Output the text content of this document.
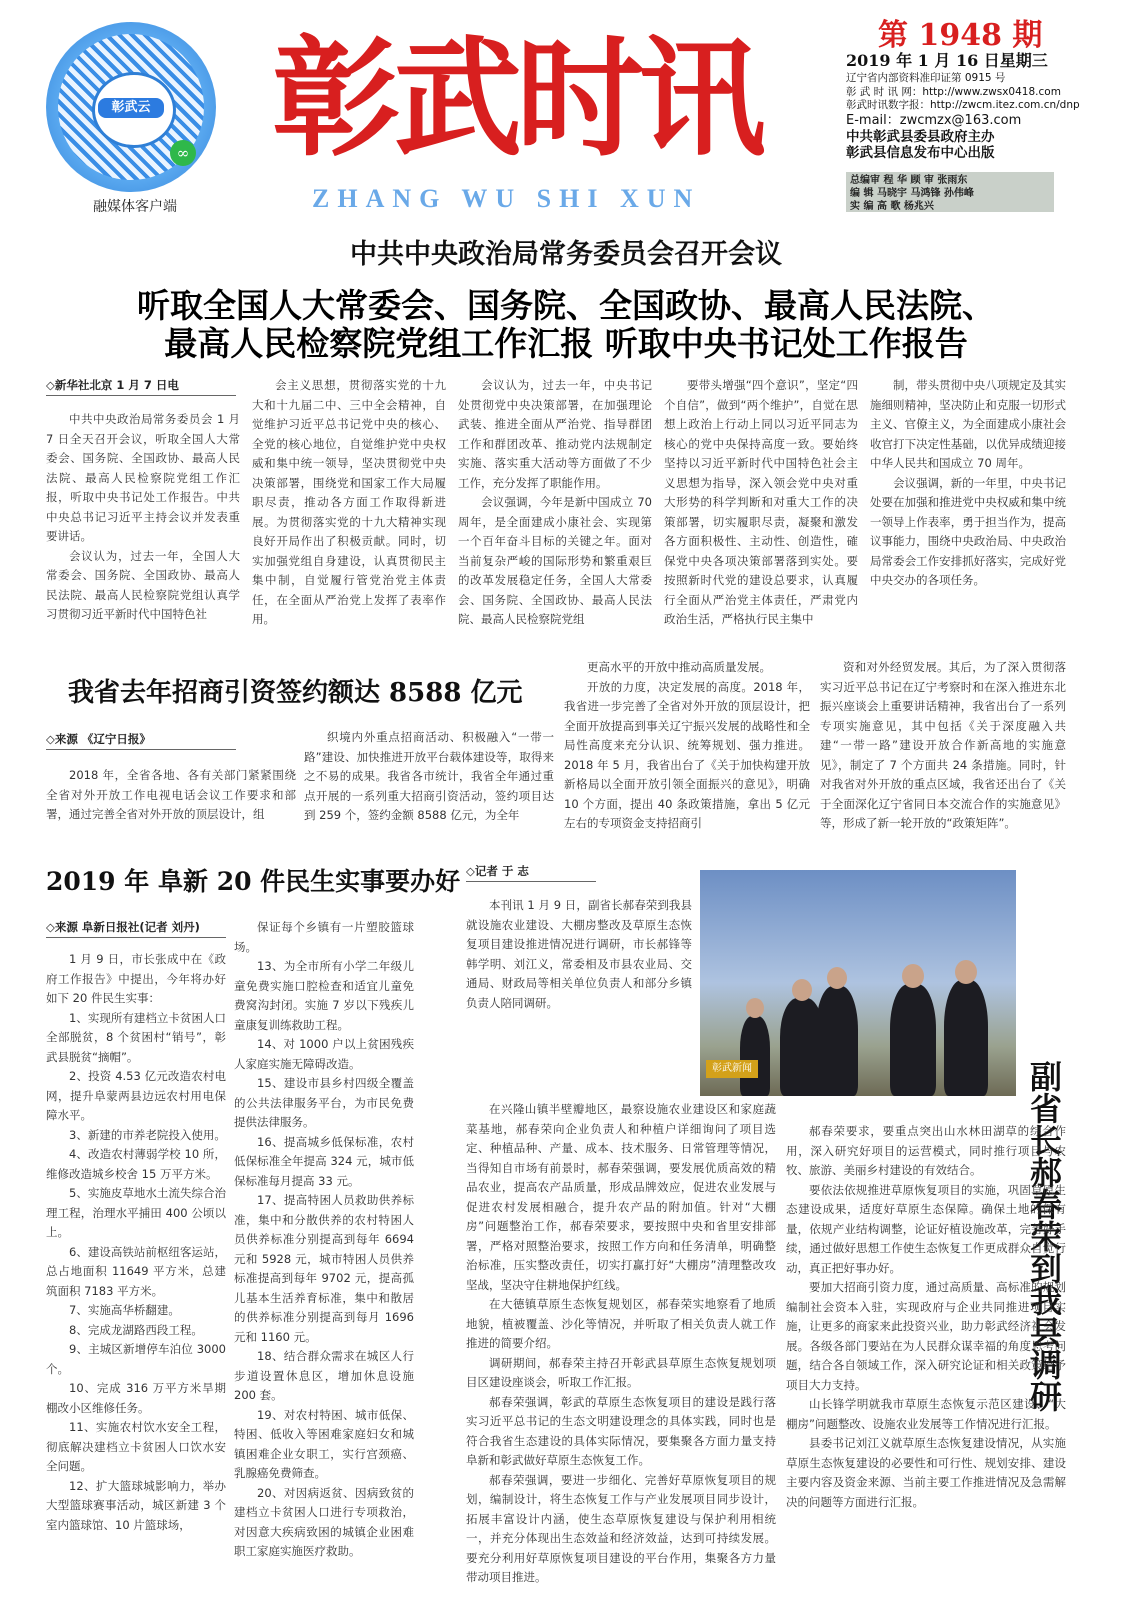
彰武云
∞
融媒体客户端
彰武时讯
ZHANG WU SHI XUN
第 1948 期
2019 年 1 月 16 日星期三
辽宁省内部资料准印证第 0915 号
彰 武 时 讯 网：http://www.zwsx0418.com
彰武时讯数字报：http://zwcm.itez.com.cn/dnp
E-mail：zwcmzx@163.com
中共彰武县委县政府主办
彰武县信息发布中心出版
总编审 程 华 顾 审 张雨东
编 辑 马晓宇 马鸿锋 孙伟峰
实 编 高 歌 杨兆兴
中共中央政治局常务委员会召开会议
听取全国人大常委会、国务院、全国政协、最高人民法院、
最高人民检察院党组工作汇报 听取中央书记处工作报告
◇新华社北京 1 月 7 日电

中共中央政治局常务委员会 1 月 7 日全天召开会议，听取全国人大常委会、国务院、全国政协、最高人民法院、最高人民检察院党组工作汇报，听取中央书记处工作报告。中共中央总书记习近平主持会议并发表重要讲话。

会议认为，过去一年，全国人大常委会、国务院、全国政协、最高人民法院、最高人民检察院党组认真学习贯彻习近平新时代中国特色社

会主义思想，贯彻落实党的十九大和十九届二中、三中全会精神，自觉维护习近平总书记党中央的核心、全党的核心地位，自觉维护党中央权威和集中统一领导，坚决贯彻党中央决策部署，围绕党和国家工作大局履职尽责，推动各方面工作取得新进展。为贯彻落实党的十九大精神实现良好开局作出了积极贡献。同时，切实加强党组自身建设，认真贯彻民主集中制，自觉履行管党治党主体责任，在全面从严治党上发挥了表率作用。

会议认为，过去一年，中央书记处贯彻党中央决策部署，在加强理论武装、推进全面从严治党、指导群团工作和群团改革、推动党内法规制定实施、落实重大活动等方面做了不少工作，充分发挥了职能作用。

会议强调，今年是新中国成立 70 周年，是全面建成小康社会、实现第一个百年奋斗目标的关键之年。面对当前复杂严峻的国际形势和繁重艰巨的改革发展稳定任务，全国人大常委会、国务院、全国政协、最高人民法院、最高人民检察院党组

要带头增强“四个意识”，坚定“四个自信”，做到“两个维护”，自觉在思想上政治上行动上同以习近平同志为核心的党中央保持高度一致。要始终坚持以习近平新时代中国特色社会主义思想为指导，深入领会党中央对重大形势的科学判断和对重大工作的决策部署，切实履职尽责，凝聚和激发各方面积极性、主动性、创造性，確保党中央各项决策部署落到实处。要按照新时代党的建设总要求，认真履行全面从严治党主体责任，严肃党内政治生活，严格执行民主集中

制，带头贯彻中央八项规定及其实施细则精神，坚决防止和克服一切形式主义、官僚主义，为全面建成小康社会收官打下决定性基础，以优异成绩迎接中华人民共和国成立 70 周年。

会议强调，新的一年里，中央书记处要在加强和推进党中央权威和集中统一领导上作表率，勇于担当作为，提高议事能力，围绕中央政治局、中央政治局常委会工作安排抓好落实，完成好党中央交办的各项任务。

我省去年招商引资签约额达 8588 亿元
◇来源 《辽宁日报》

2018 年，全省各地、各有关部门紧紧围绕全省对外开放工作电视电话会议工作要求和部署，通过完善全省对外开放的顶层设计，组

织境内外重点招商活动、积极融入“一带一路”建设、加快推进开放平台载体建设等，取得来之不易的成果。我省各市统计，我省全年通过重点开展的一系列重大招商引资活动，签约项目达到 259 个，签约金额 8588 亿元，为全年

更高水平的开放中推动高质量发展。

开放的力度，决定发展的高度。2018 年，我省进一步完善了全省对外开放的顶层设计，把全面开放提高到事关辽宁振兴发展的战略性和全局性高度来充分认识、统筹规划、强力推进。2018 年 5 月，我省出台了《关于加快构建开放新格局以全面开放引领全面振兴的意见》，明确 10 个方面，提出 40 条政策措施，拿出 5 亿元左右的专项资金支持招商引

资和对外经贸发展。其后，为了深入贯彻落实习近平总书记在辽宁考察时和在深入推进东北振兴座谈会上重要讲话精神，我省出台了一系列专项实施意见，其中包括《关于深度融入共建“一带一路”建设开放合作新高地的实施意见》，制定了 7 个方面共 24 条措施。同时，针对我省对外开放的重点区域，我省还出台了《关于全面深化辽宁省同日本交流合作的实施意见》等，形成了新一轮开放的“政策矩阵”。

2019 年 阜新 20 件民生实事要办好
◇来源 阜新日报社(记者 刘丹)

1 月 9 日，市长张成中在《政府工作报告》中提出，今年将办好如下 20 件民生实事：

1、实现所有建档立卡贫困人口全部脱贫，8 个贫困村“销号”，彰武县脱贫“摘帽”。

2、投资 4.53 亿元改造农村电网，提升阜蒙两县边远农村用电保障水平。

3、新建的市养老院投入使用。

4、改造农村薄弱学校 10 所，维修改造城乡校舍 15 万平方米。

5、实施皮草地水土流失综合治理工程，治理水平捕田 400 公顷以上。

6、建设高铁站前枢纽客运站，总占地面积 11649 平方米，总建筑面积 7183 平方米。

7、实施高华桥翻建。

8、完成龙湖路西段工程。

9、主城区新增停车泊位 3000 个。

10、完成 316 万平方米旱期棚改小区维修任务。

11、实施农村饮水安全工程，彻底解决建档立卡贫困人口饮水安全问题。

12、扩大篮球城影响力，举办大型篮球赛事活动，城区新建 3 个室内篮球馆、10 片篮球场，

保证每个乡镇有一片塑胶篮球场。

13、为全市所有小学二年级儿童免费实施口腔检查和适宜儿童免费窝沟封闭。实施 7 岁以下残疾儿童康复训练救助工程。

14、对 1000 户以上贫困残疾人家庭实施无障碍改造。

15、建设市县乡村四级全覆盖的公共法律服务平台，为市民免费提供法律服务。

16、提高城乡低保标准，农村低保标准全年提高 324 元，城市低保标准每月提高 33 元。

17、提高特困人员救助供养标准，集中和分散供养的农村特困人员供养标准分别提高到每年 6694 元和 5928 元，城市特困人员供养标准提高到每年 9702 元，提高孤儿基本生活养育标准，集中和散居的供养标准分别提高到每月 1696 元和 1160 元。

18、结合群众需求在城区人行步道设置休息区，增加休息设施 200 套。

19、对农村特困、城市低保、特困、低收入等困难家庭妇女和城镇困难企业女职工，实行宫颈癌、乳腺癌免费筛查。

20、对因病返贫、因病致贫的建档立卡贫困人口进行专项救治，对因意大疾病致困的城镇企业困难职工家庭实施医疗救助。

◇记者 于 志

本刊讯 1 月 9 日，副省长郝春荣到我县就设施农业建设、大棚房整改及草原生态恢复项目建设推进情况进行调研，市长郝锋等韩学明、刘江义，常委相及市县农业局、交通局、财政局等相关单位负责人和部分乡镇负责人陪同调研。

彰武新闻	副省长郝春荣到我县调研

在兴隆山镇半壁瓣地区，最察设施农业建设区和家庭蔬菜基地，郝春荣向企业负责人和种植户详细询问了项目选定、种植品种、产量、成本、技术服务、日常管理等情况，当得知自市场有前景时，郝春荣强调，要发展优质高效的精品农业，提高农产品质量，形成品牌效应，促进农业发展与促进农村发展相融合，提升农产品的附加值。针对“大棚房”问题整治工作，郝春荣要求，要按照中央和省里安排部署，严格对照整治要求，按照工作方向和任务清单，明确整治标准，压实整改责任，切实打赢打好“大棚房”清理整改攻坚战，坚决守住耕地保护红线。

在大德镇草原生态恢复规划区，郝春荣实地察看了地质地貌，植被覆盖、沙化等情况，并听取了相关负责人就工作推进的简要介绍。

调研期间，郝春荣主持召开彰武县草原生态恢复规划项目区建设座谈会，听取工作汇报。

郝春荣强调，彰武的草原生态恢复项目的建设是践行落实习近平总书记的生态文明建设理念的具体实践，同时也是符合我省生态建设的具体实际情况，要集聚各方面力量支持阜新和彰武做好草原生态恢复工作。

郝春荣强调，要进一步细化、完善好草原恢复项目的规划，编制设计，将生态恢复工作与产业发展项目同步设计，拓展丰富设计内涵，使生态草原恢复建设与保护利用相统一，并充分体现出生态效益和经济效益，达到可持续发展。要充分利用好草原恢复项目建设的平台作用，集聚各方力量带动项目推进。

郝春荣要求，要重点突出山水林田湖草的综合作用，深入研究好项目的运营模式，同时推行项目与农牧、旅游、美丽乡村建设的有效结合。

要依法依规推进草原恢复项目的实施，巩固草原生态建设成果，适度好草原生态保障。确保土地的保有量，依规产业结构调整，论证好植设施改革，完善好手续，通过做好思想工作使生态恢复工作更成群众自觉行动，真正把好事办好。

要加大招商引资力度，通过高质量、高标准的规划编制社会资本入驻，实现政府与企业共同推进项目实施，让更多的商家来此投资兴业，助力彰武经济社会发展。各级各部门要站在为人民群众谋幸福的角度思考问题，结合各自领域工作，深入研究论证和相关政策给予项目大力支持。

山长锋学明就我市草原生态恢复示范区建设、“大棚房”问题整改、设施农业发展等工作情况进行汇报。

县委书记刘江义就草原生态恢复建设情况，从实施草原生态恢复建设的必要性和可行性、规划安排、建设主要内容及资金来源、当前主要工作推进情况及急需解决的问题等方面进行汇报。
